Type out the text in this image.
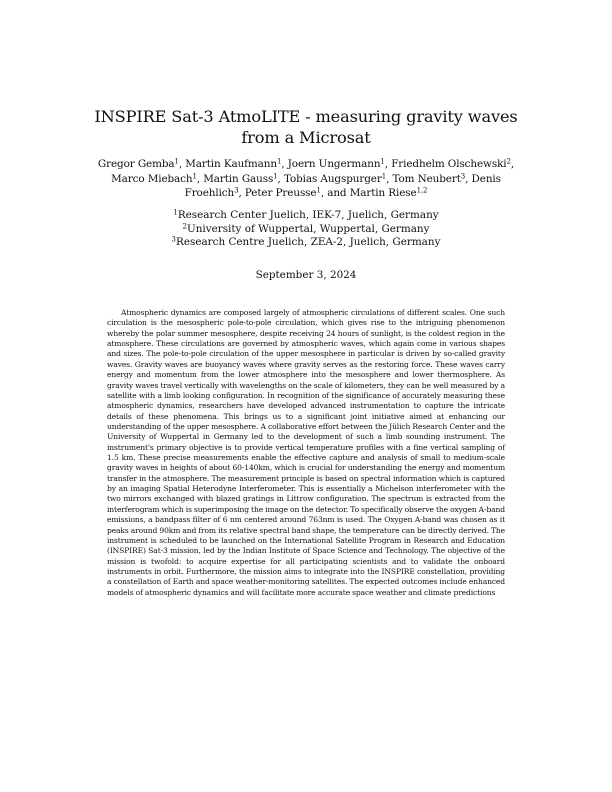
INSPIRE Sat-3 AtmoLITE - measuring gravity waves from a Microsat

Gregor Gemba$^1$, Martin Kaufmann$^1$, Joern Ungermann$^1$, Friedhelm Olschewski$^2$, Marco Miebach$^1$, Martin Gauss$^1$, Tobias Augspurger$^1$, Tom Neubert$^3$, Denis Froehlich$^3$, Peter Preusse$^1$, and Martin Riese$^{1,2}$

$^1$Research Center Juelich, IEK-7, Juelich, Germany
$^2$University of Wuppertal, Wuppertal, Germany
$^3$Research Centre Juelich, ZEA-2, Juelich, Germany
September 3, 2024

Atmospheric dynamics are composed largely of atmospheric circulations of different scales. One such circulation is the mesospheric pole-to-pole circulation, which gives rise to the intriguing phenomenon whereby the polar summer mesosphere, despite receiving 24 hours of sunlight, is the coldest region in the atmosphere. These circulations are governed by atmospheric waves, which again come in various shapes and sizes. The pole-to-pole circulation of the upper mesosphere in particular is driven by so-called gravity waves. Gravity waves are buoyancy waves where gravity serves as the restoring force. These waves carry energy and momentum from the lower atmosphere into the mesosphere and lower thermosphere. As gravity waves travel vertically with wavelengths on the scale of kilometers, they can be well measured by a satellite with a limb looking configuration. In recognition of the significance of accurately measuring these atmospheric dynamics, researchers have developed advanced instrumentation to capture the intricate details of these phenomena. This brings us to a significant joint initiative aimed at enhancing our understanding of the upper mesosphere. A collaborative effort between the Jülich Research Center and the University of Wuppertal in Germany led to the development of such a limb sounding instrument. The instrument's primary objective is to provide vertical temperature profiles with a fine vertical sampling of 1.5 km. These precise measurements enable the effective capture and analysis of small to medium-scale gravity waves in heights of about 60-140km, which is crucial for understanding the energy and momentum transfer in the atmosphere. The measurement principle is based on spectral information which is captured by an imaging Spatial Heterodyne Interferometer. This is essentially a Michelson interferometer with the two mirrors exchanged with blazed gratings in Littrow configuration. The spectrum is extracted from the interferogram which is superimposing the image on the detector. To specifically observe the oxygen A-band emissions, a bandpass filter of 6 nm centered around 763nm is used. The Oxygen A-band was chosen as it peaks around 90km and from its relative spectral band shape, the temperature can be directly derived. The instrument is scheduled to be launched on the International Satellite Program in Research and Education (INSPIRE) Sat-3 mission, led by the Indian Institute of Space Science and Technology. The objective of the mission is twofold: to acquire expertise for all participating scientists and to validate the onboard instruments in orbit. Furthermore, the mission aims to integrate into the INSPIRE constellation, providing a constellation of Earth and space weather-monitoring satellites. The expected outcomes include enhanced models of atmospheric dynamics and will facilitate more accurate space weather and climate predictions
